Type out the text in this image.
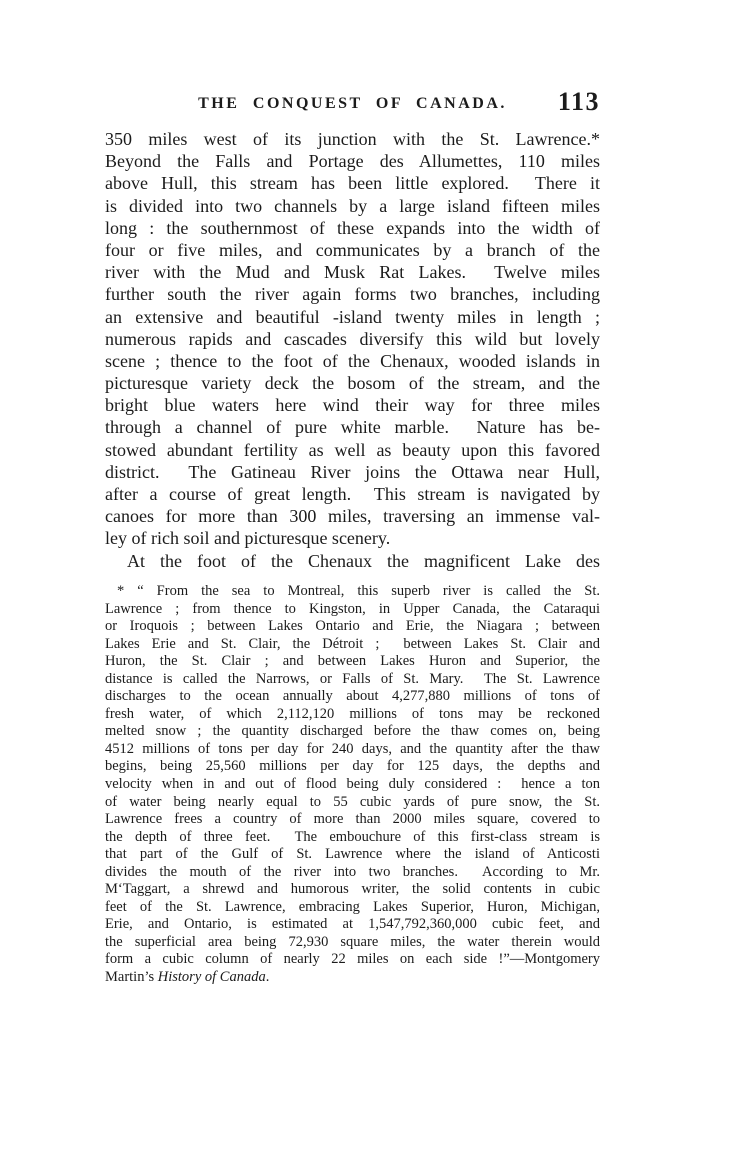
THE CONQUEST OF CANADA.	113
350 miles west of its junction with the St. Lawrence.*
Beyond the Falls and Portage des Allumettes, 110 miles
above Hull, this stream has been little explored.  There it
is divided into two channels by a large island fifteen miles
long : the southernmost of these expands into the width of
four or five miles, and communicates by a branch of the
river with the Mud and Musk Rat Lakes.  Twelve miles
further south the river again forms two branches, including
an extensive and beautiful -island twenty miles in length ;
numerous rapids and cascades diversify this wild but lovely
scene ; thence to the foot of the Chenaux, wooded islands in
picturesque variety deck the bosom of the stream, and the
bright blue waters here wind their way for three miles
through a channel of pure white marble.  Nature has be-
stowed abundant fertility as well as beauty upon this favored
district.  The Gatineau River joins the Ottawa near Hull,
after a course of great length.  This stream is navigated by
canoes for more than 300 miles, traversing an immense val-
ley of rich soil and picturesque scenery.
At the foot of the Chenaux the magnificent Lake des
* “ From the sea to Montreal, this superb river is called the St.
Lawrence ; from thence to Kingston, in Upper Canada, the Cataraqui
or Iroquois ; between Lakes Ontario and Erie, the Niagara ; between
Lakes Erie and St. Clair, the Détroit ;  between Lakes St. Clair and
Huron, the St. Clair ; and between Lakes Huron and Superior, the
distance is called the Narrows, or Falls of St. Mary.  The St. Lawrence
discharges to the ocean annually about 4,277,880 millions of tons of
fresh water, of which 2,112,120 millions of tons may be reckoned
melted snow ; the quantity discharged before the thaw comes on, being
4512 millions of tons per day for 240 days, and the quantity after the thaw
begins, being 25,560 millions per day for 125 days, the depths and
velocity when in and out of flood being duly considered :  hence a ton
of water being nearly equal to 55 cubic yards of pure snow, the St.
Lawrence frees a country of more than 2000 miles square, covered to
the depth of three feet.  The embouchure of this first-class stream is
that part of the Gulf of St. Lawrence where the island of Anticosti
divides the mouth of the river into two branches.  According to Mr.
M‘Taggart, a shrewd and humorous writer, the solid contents in cubic
feet of the St. Lawrence, embracing Lakes Superior, Huron, Michigan,
Erie, and Ontario, is estimated at 1,547,792,360,000 cubic feet, and
the superficial area being 72,930 square miles, the water therein would
form a cubic column of nearly 22 miles on each side !”—Montgomery
Martin’s History of Canada.
